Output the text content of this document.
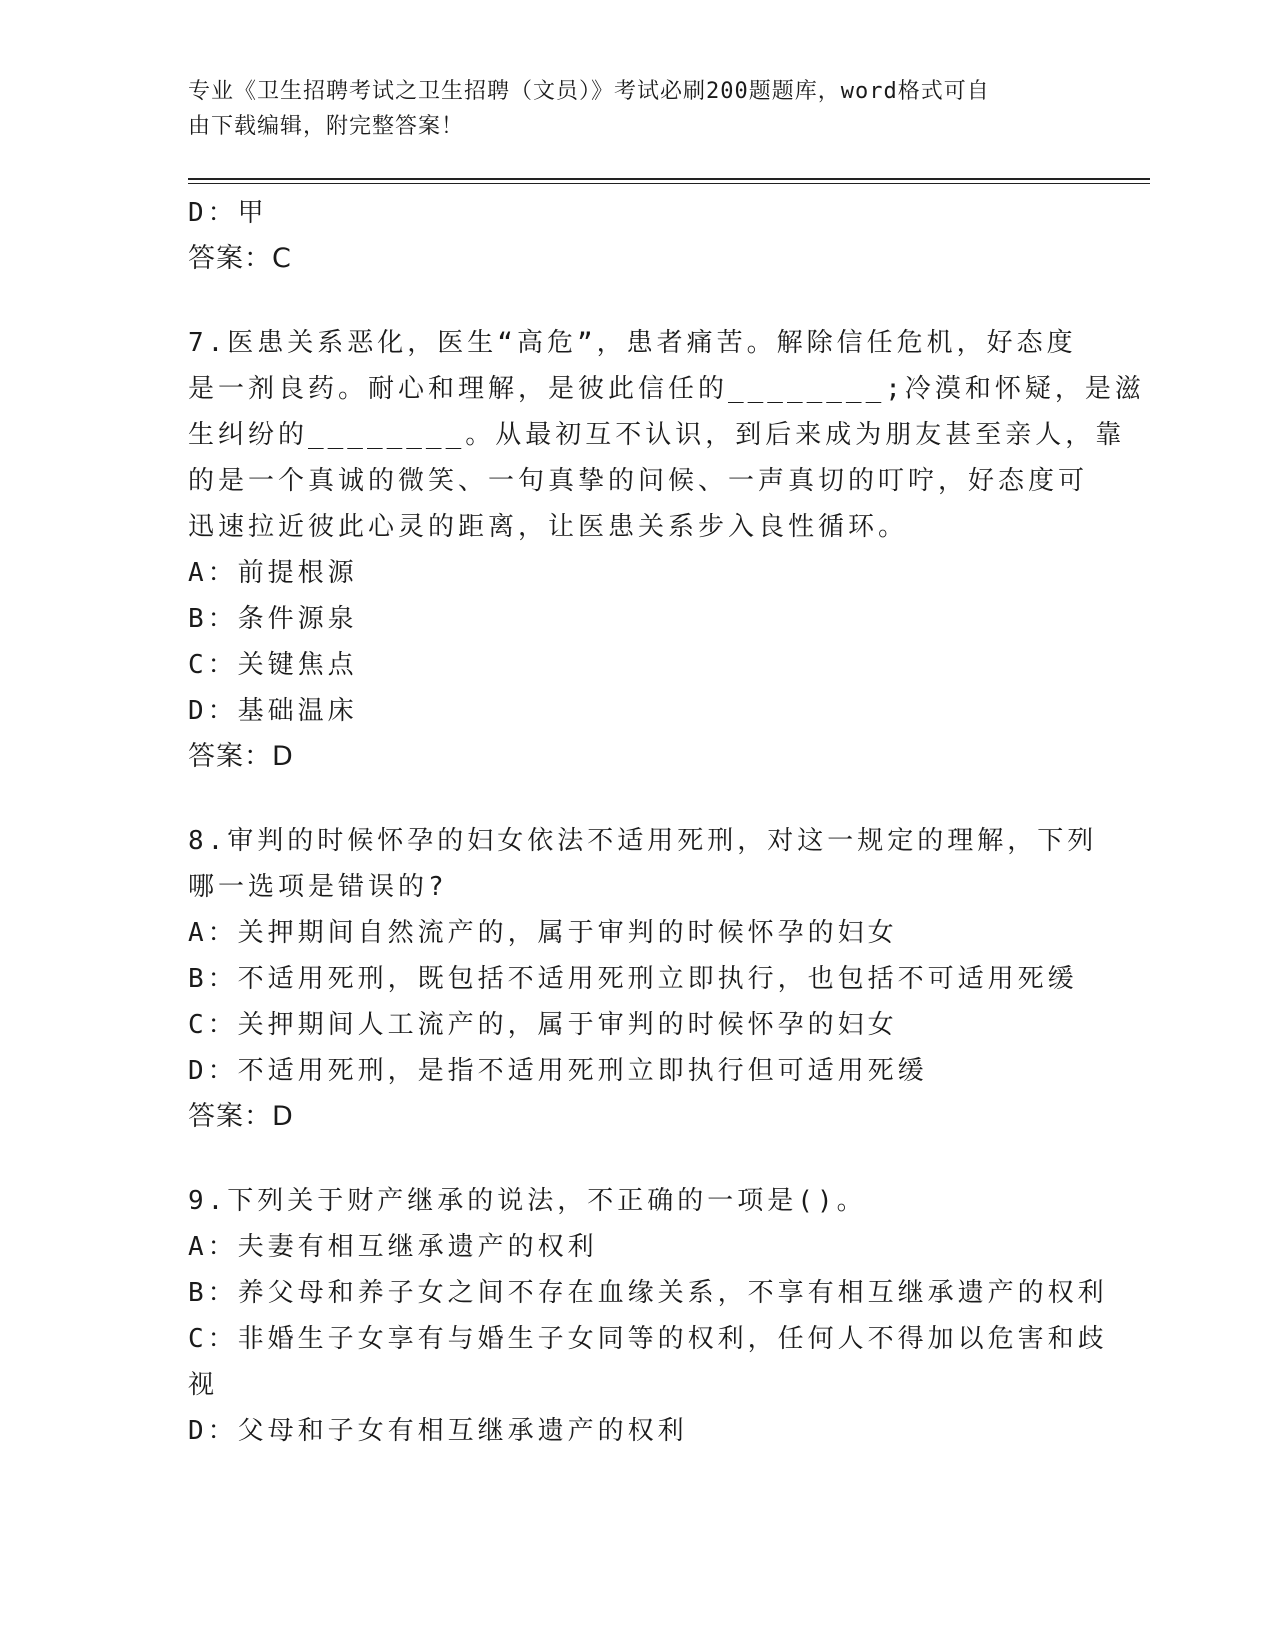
专业《卫生招聘考试之卫生招聘（文员）》考试必刷200题题库，word格式可自

由下载编辑，附完整答案！

D：甲

答案：C

7.医患关系恶化，医生“高危”，患者痛苦。解除信任危机，好态度

是一剂良药。耐心和理解，是彼此信任的________;冷漠和怀疑，是滋

生纠纷的________。从最初互不认识，到后来成为朋友甚至亲人，靠

的是一个真诚的微笑、一句真挚的问候、一声真切的叮咛，好态度可

迅速拉近彼此心灵的距离，让医患关系步入良性循环。

A：前提根源

B：条件源泉

C：关键焦点

D：基础温床

答案：D

8.审判的时候怀孕的妇女依法不适用死刑，对这一规定的理解，下列

哪一选项是错误的?

A：关押期间自然流产的，属于审判的时候怀孕的妇女

B：不适用死刑，既包括不适用死刑立即执行，也包括不可适用死缓

C：关押期间人工流产的，属于审判的时候怀孕的妇女

D：不适用死刑，是指不适用死刑立即执行但可适用死缓

答案：D

9.下列关于财产继承的说法，不正确的一项是()。

A：夫妻有相互继承遗产的权利

B：养父母和养子女之间不存在血缘关系，不享有相互继承遗产的权利

C：非婚生子女享有与婚生子女同等的权利，任何人不得加以危害和歧

视

D：父母和子女有相互继承遗产的权利
